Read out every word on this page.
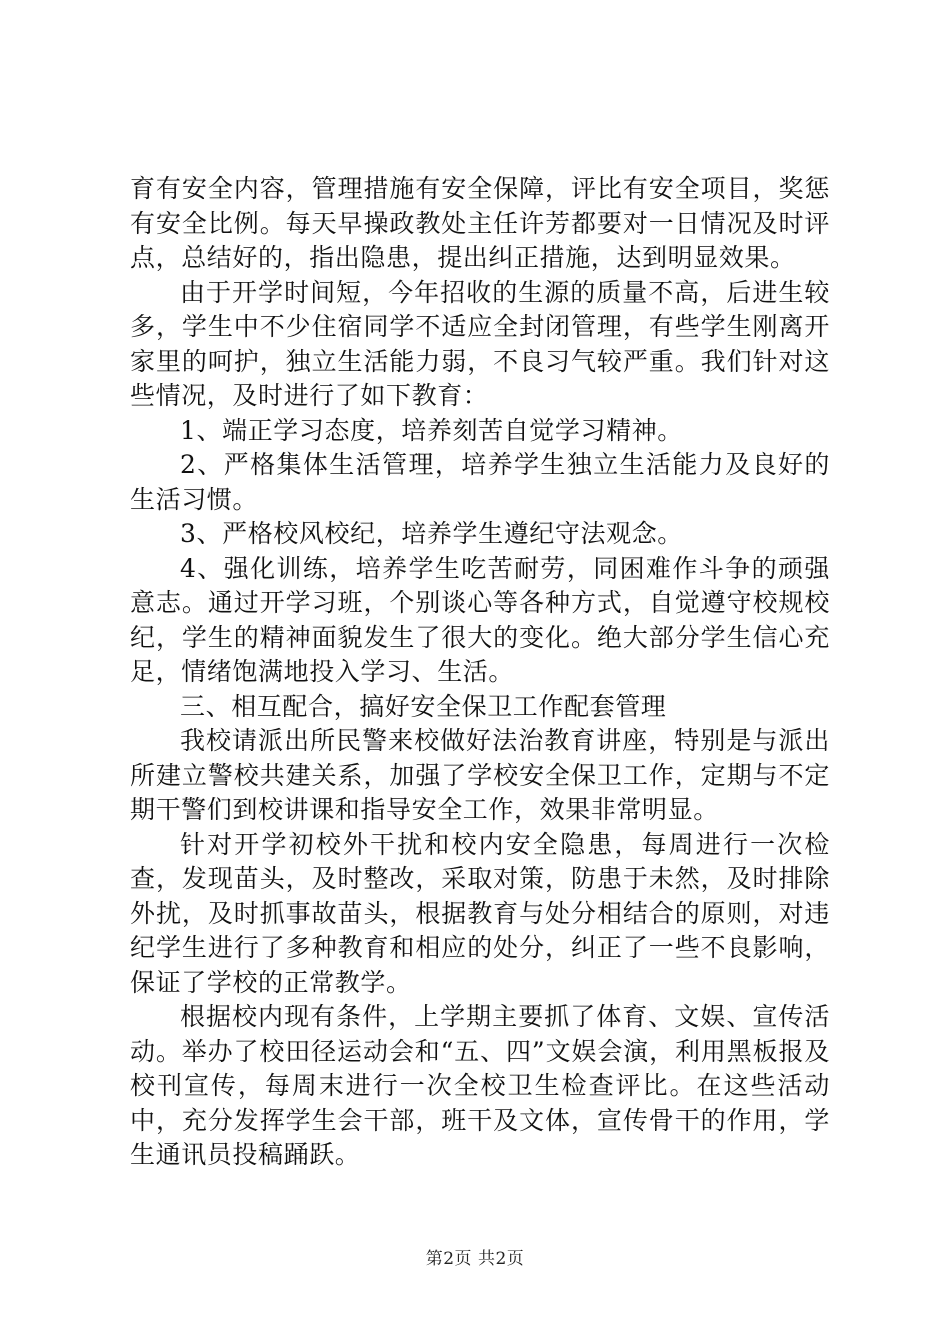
育有安全内容，管理措施有安全保障，评比有安全项目，奖惩有安全比例。每天早操政教处主任许芳都要对一日情况及时评点，总结好的，指出隐患，提出纠正措施，达到明显效果。

由于开学时间短，今年招收的生源的质量不高，后进生较多，学生中不少住宿同学不适应全封闭管理，有些学生刚离开家里的呵护，独立生活能力弱，不良习气较严重。我们针对这些情况，及时进行了如下教育：

1、端正学习态度，培养刻苦自觉学习精神。

2、严格集体生活管理，培养学生独立生活能力及良好的生活习惯。

3、严格校风校纪，培养学生遵纪守法观念。

4、强化训练，培养学生吃苦耐劳，同困难作斗争的顽强意志。通过开学习班，个别谈心等各种方式，自觉遵守校规校纪，学生的精神面貌发生了很大的变化。绝大部分学生信心充足，情绪饱满地投入学习、生活。

三、相互配合，搞好安全保卫工作配套管理

我校请派出所民警来校做好法治教育讲座，特别是与派出所建立警校共建关系，加强了学校安全保卫工作，定期与不定期干警们到校讲课和指导安全工作，效果非常明显。

针对开学初校外干扰和校内安全隐患，每周进行一次检查，发现苗头，及时整改，采取对策，防患于未然，及时排除外扰，及时抓事故苗头，根据教育与处分相结合的原则，对违纪学生进行了多种教育和相应的处分，纠正了一些不良影响，保证了学校的正常教学。

根据校内现有条件，上学期主要抓了体育、文娱、宣传活动。举办了校田径运动会和“五、四”文娱会演，利用黑板报及校刊宣传，每周末进行一次全校卫生检查评比。在这些活动中，充分发挥学生会干部，班干及文体，宣传骨干的作用，学生通讯员投稿踊跃。

第2页 共2页
